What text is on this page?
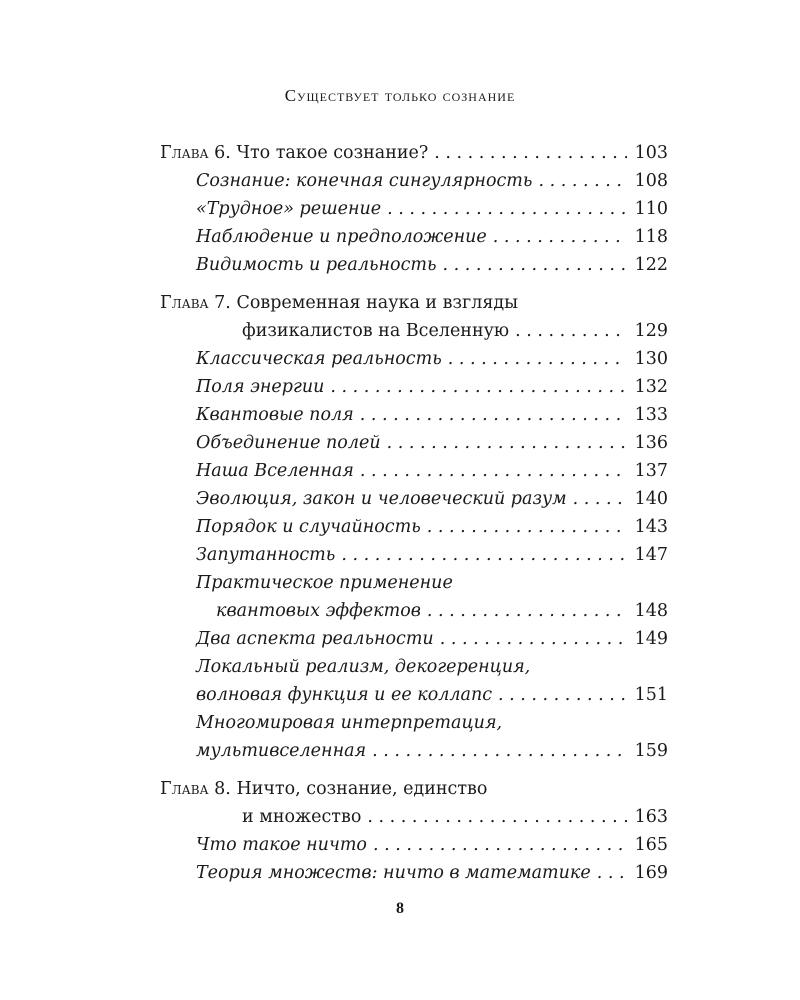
Существует только сознание
Глава 6. Что такое сознание? . . .	103
Сознание: конечная сингулярность . . .	108
«Трудное» решение . . .	110
Наблюдение и предположение . . .	118
Видимость и реальность . . .	122
Глава 7. Современная наука и взгляды
физикалистов на Вселенную . . .	129
Классическая реальность . . .	130
Поля энергии . . .	132
Квантовые поля . . .	133
Объединение полей . . .	136
Наша Вселенная . . .	137
Эволюция, закон и человеческий разум . . .	140
Порядок и случайность . . .	143
Запутанность . . .	147
Практическое применение
квантовых эффектов . . .	148
Два аспекта реальности . . .	149
Локальный реализм, декогеренция,
волновая функция и ее коллапс . . .	151
Многомировая интерпретация,
мультивселенная . . .	159
Глава 8. Ничто, сознание, единство
и множество . . .	163
Что такое ничто . . .	165
Теория множеств: ничто в математике . . .	169
8
